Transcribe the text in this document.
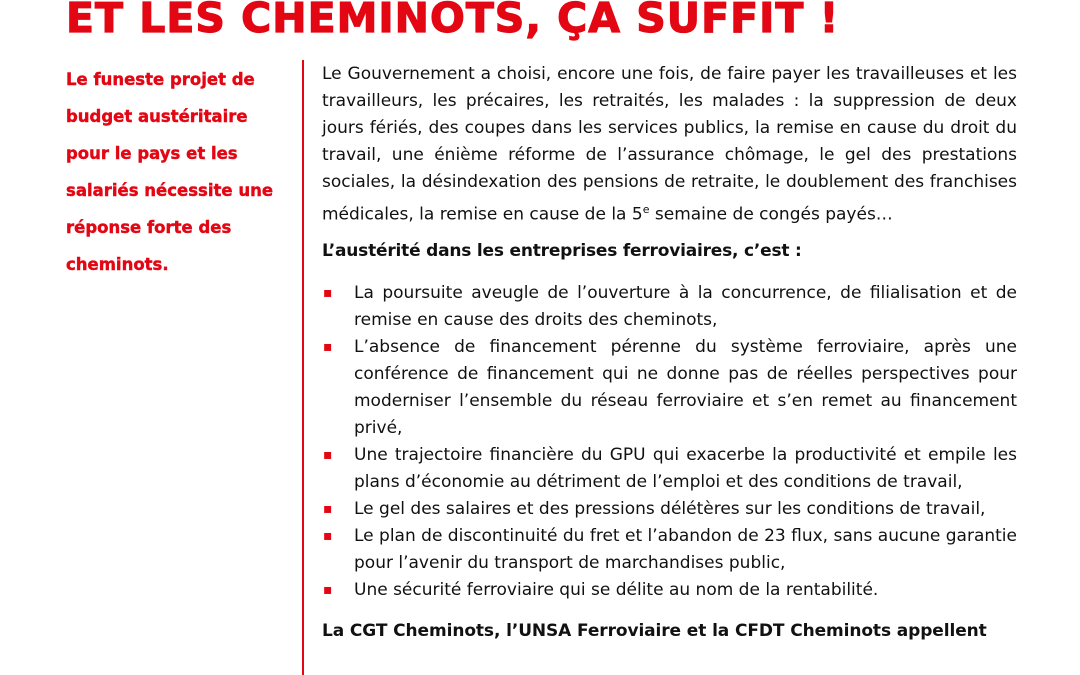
ET LES CHEMINOTS, ÇA SUFFIT !
Le funeste projet de
budget austéritaire
pour le pays et les
salariés nécessite une
réponse forte des
cheminots.

Le Gouvernement a choisi, encore une fois, de faire payer les travailleuses et les travailleurs, les précaires, les retraités, les malades : la suppression de deux jours fériés, des coupes dans les services publics, la remise en cause du droit du travail, une énième réforme de l’assurance chômage, le gel des prestations sociales, la désindexation des pensions de retraite, le doublement des franchises médicales, la remise en cause de la 5e semaine de congés payés…

L’austérité dans les entreprises ferroviaires, c’est :

▪ La poursuite aveugle de l’ouverture à la concurrence, de filialisation et de remise en cause des droits des cheminots,
▪ L’absence de financement pérenne du système ferroviaire, après une conférence de financement qui ne donne pas de réelles perspectives pour moderniser l’ensemble du réseau ferroviaire et s’en remet au financement privé,
▪ Une trajectoire financière du GPU qui exacerbe la productivité et empile les plans d’économie au détriment de l’emploi et des conditions de travail,
▪ Le gel des salaires et des pressions délétères sur les conditions de travail,
▪ Le plan de discontinuité du fret et l’abandon de 23 flux, sans aucune garantie pour l’avenir du transport de marchandises public,
▪ Une sécurité ferroviaire qui se délite au nom de la rentabilité.

La CGT Cheminots, l’UNSA Ferroviaire et la CFDT Cheminots appellent
